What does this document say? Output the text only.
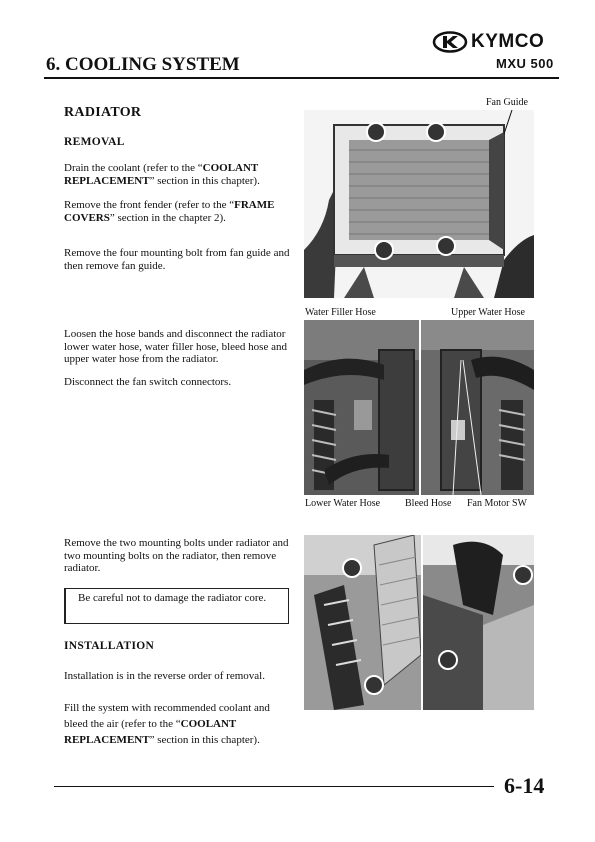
KYMCO
6. COOLING SYSTEM	MXU 500
RADIATOR
REMOVAL

Drain the coolant (refer to the “COOLANT REPLACEMENT” section in this chapter).

Remove the front fender (refer to the “FRAME COVERS” section in the chapter 2).

Remove the four mounting bolt from fan guide and then remove fan guide.

Loosen the hose bands and disconnect the radiator lower water hose, water filler hose, bleed hose and upper water hose from the radiator.

Disconnect the fan switch connectors.

Remove the two mounting bolts under radiator and two mounting bolts on the radiator, then remove radiator.

Be careful not to damage the radiator core.
INSTALLATION

Installation is in the reverse order of removal.

Fill the system with recommended coolant and bleed the air (refer to the “COOLANT REPLACEMENT” section in this chapter).

Fan Guide
Water Filler Hose	Upper Water Hose
Lower Water Hose Bleed Hose Fan Motor SW
6-14
